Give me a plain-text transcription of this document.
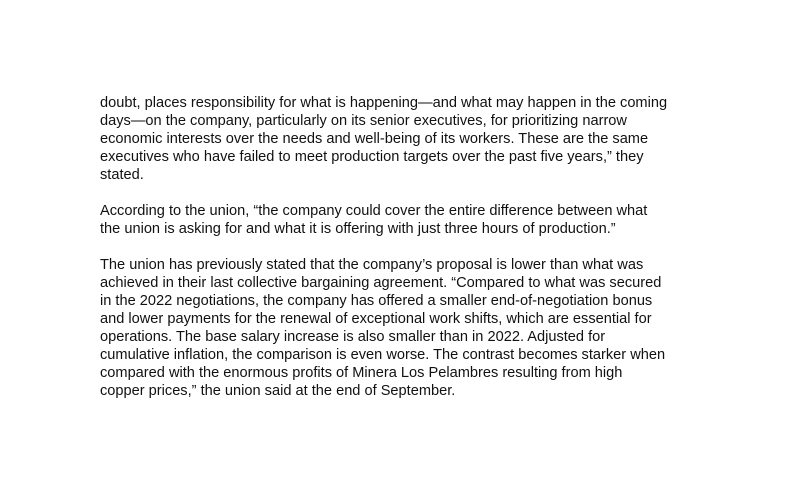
doubt, places responsibility for what is happening—and what may happen in the coming
days—on the company, particularly on its senior executives, for prioritizing narrow
economic interests over the needs and well-being of its workers. These are the same
executives who have failed to meet production targets over the past five years,” they
stated.

According to the union, “the company could cover the entire difference between what
the union is asking for and what it is offering with just three hours of production.”

The union has previously stated that the company’s proposal is lower than what was
achieved in their last collective bargaining agreement. “Compared to what was secured
in the 2022 negotiations, the company has offered a smaller end-of-negotiation bonus
and lower payments for the renewal of exceptional work shifts, which are essential for
operations. The base salary increase is also smaller than in 2022. Adjusted for
cumulative inflation, the comparison is even worse. The contrast becomes starker when
compared with the enormous profits of Minera Los Pelambres resulting from high
copper prices,” the union said at the end of September.
